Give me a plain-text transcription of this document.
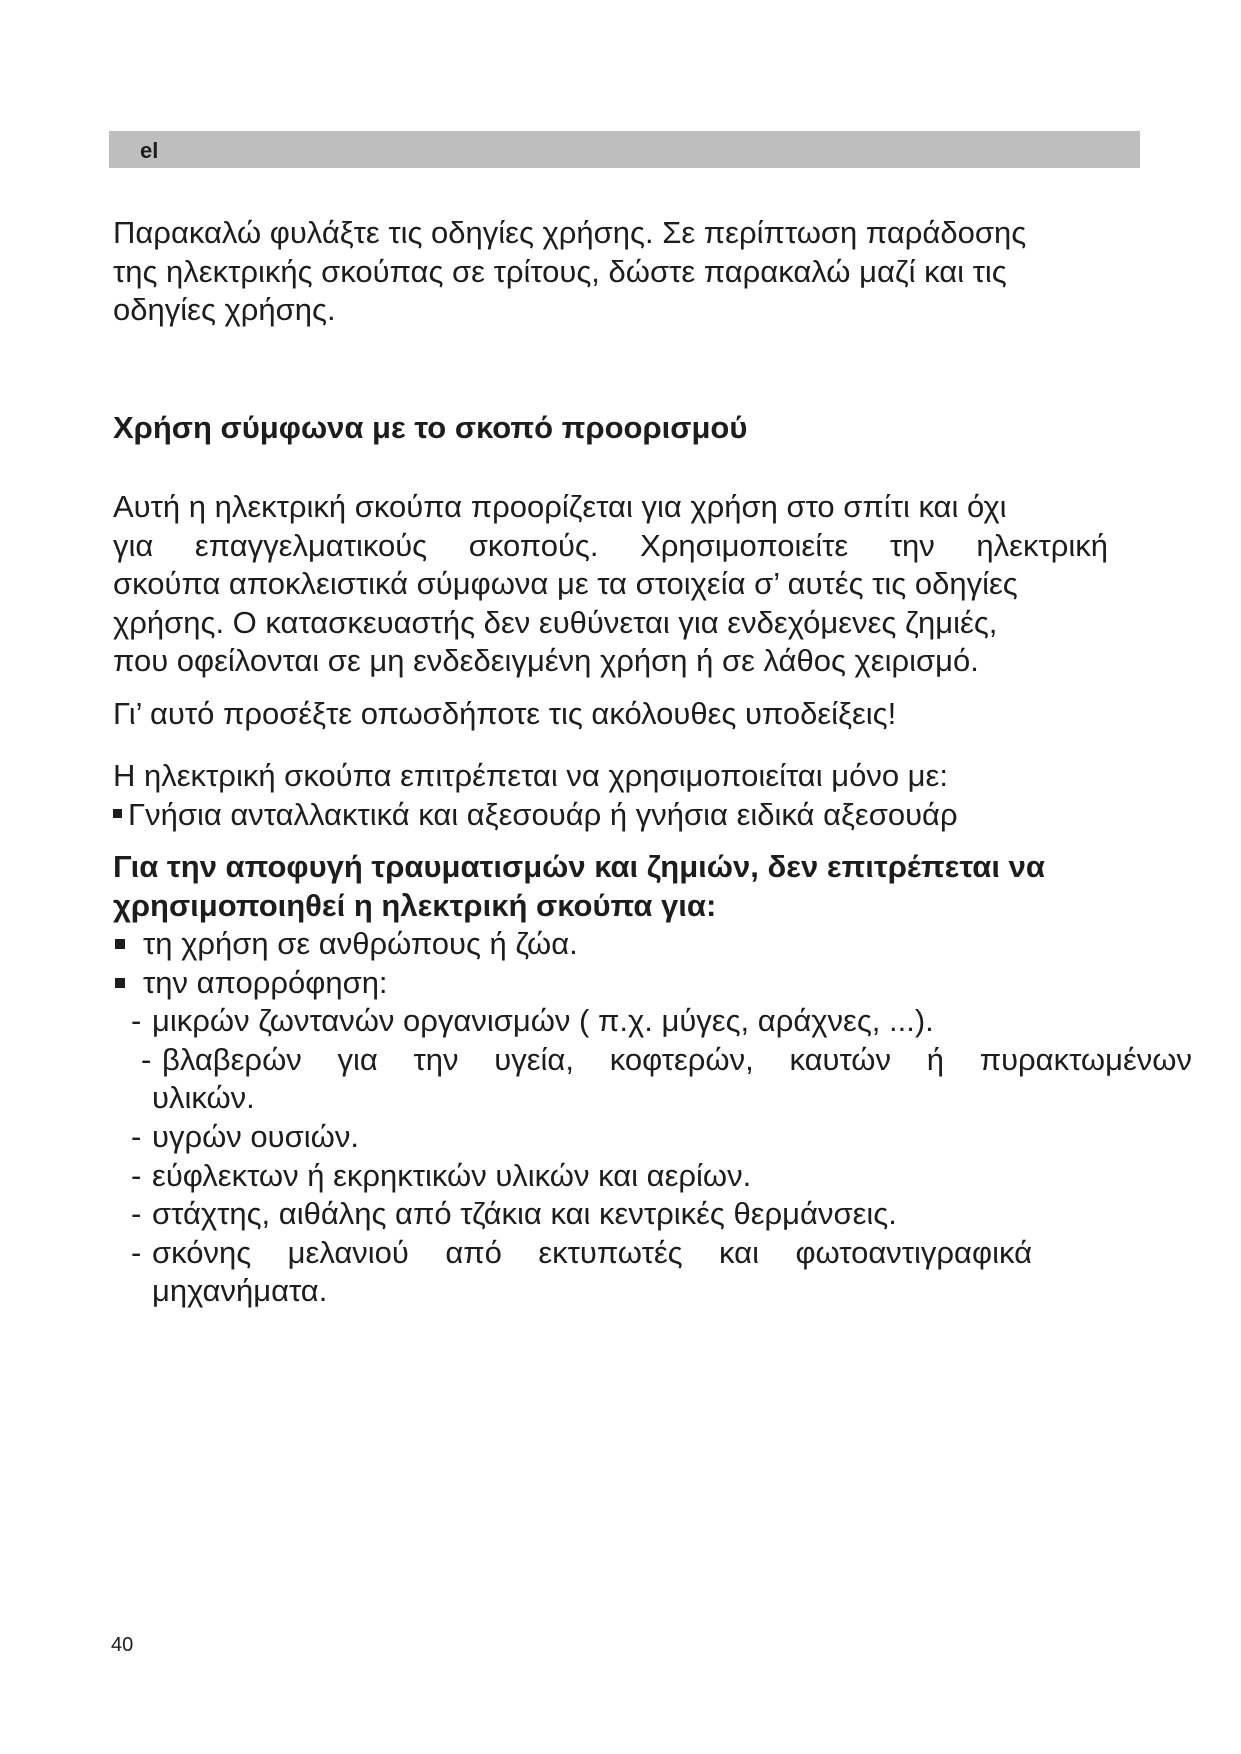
el
Παρακαλώ φυλάξτε τις οδηγίες χρήσης. Σε περίπτωση παράδοσης
της ηλεκτρικής σκούπας σε τρίτους, δώστε παρακαλώ μαζί και τις
οδηγίες χρήσης.
Χρήση σύμφωνα με το σκοπό προορισμού
Αυτή η ηλεκτρική σκούπα προορίζεται για χρήση στο σπίτι και όχι
για επαγγελματικούς σκοπούς. Χρησιμοποιείτε την ηλεκτρική
σκούπα αποκλειστικά σύμφωνα με τα στοιχεία σ’ αυτές τις οδηγίες
χρήσης. Ο κατασκευαστής δεν ευθύνεται για ενδεχόμενες ζημιές,
που οφείλονται σε μη ενδεδειγμένη χρήση ή σε λάθος χειρισμό.
Γι’ αυτό προσέξτε οπωσδήποτε τις ακόλουθες υποδείξεις!
Η ηλεκτρική σκούπα επιτρέπεται να χρησιμοποιείται μόνο με:
Γνήσια ανταλλακτικά και αξεσουάρ ή γνήσια ειδικά αξεσουάρ
Για την αποφυγή τραυματισμών και ζημιών, δεν επιτρέπεται να
χρησιμοποιηθεί η ηλεκτρική σκούπα για:
τη χρήση σε ανθρώπους ή ζώα.
την απορρόφηση:
- μικρών ζωντανών οργανισμών ( π.χ. μύγες, αράχνες, ...).
- βλαβερών για την υγεία, κοφτερών, καυτών ή πυρακτωμένων
υλικών.
- υγρών ουσιών.
- εύφλεκτων ή εκρηκτικών υλικών και αερίων.
- στάχτης, αιθάλης από τζάκια και κεντρικές θερμάνσεις.
- σκόνης μελανιού από εκτυπωτές και φωτοαντιγραφικά
μηχανήματα.
40
